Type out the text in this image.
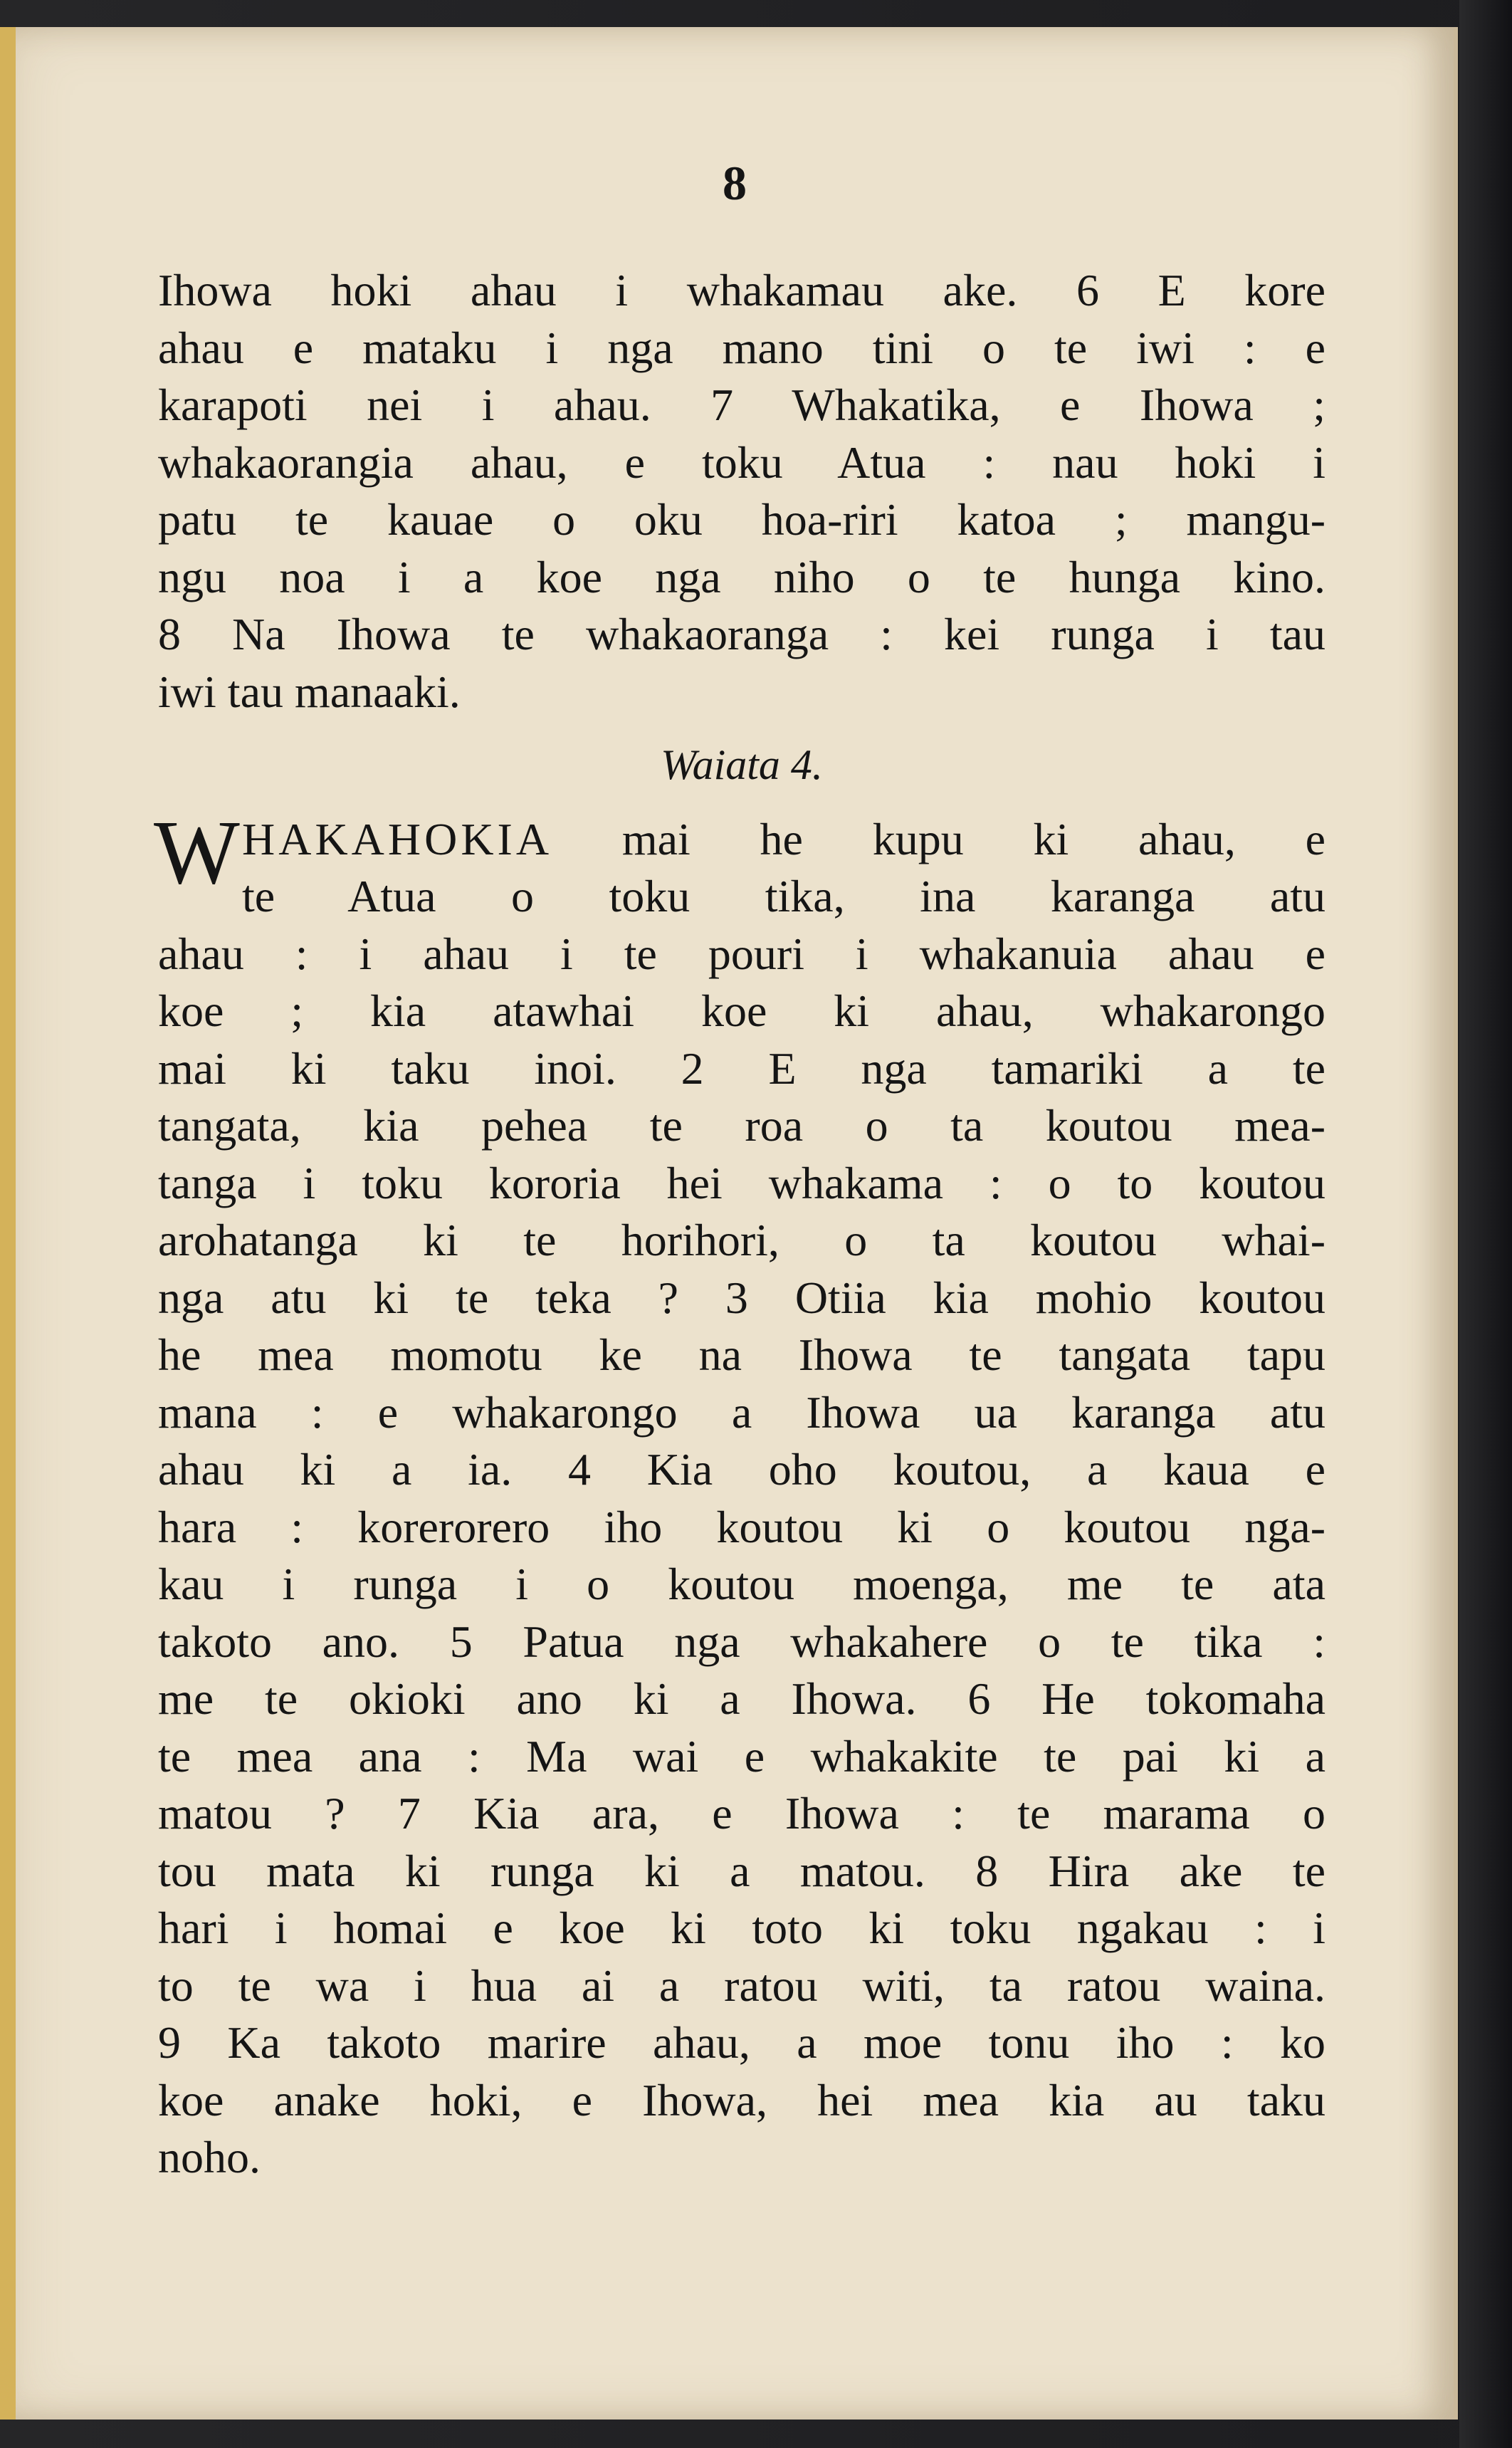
8
Ihowa hoki ahau i whakamau ake. 6 E kore
ahau e mataku i nga mano tini o te iwi : e
karapoti nei i ahau. 7 Whakatika, e Ihowa ;
whakaorangia ahau, e toku Atua : nau hoki i
patu te kauae o oku hoa-riri katoa ; mangu-
ngu noa i a koe nga niho o te hunga kino.
8 Na Ihowa te whakaoranga : kei runga i tau
iwi tau manaaki.
Waiata 4.
W HAKAHOKIA mai he kupu ki ahau, e
te Atua o toku tika, ina karanga atu
ahau : i ahau i te pouri i whakanuia ahau e
koe ; kia atawhai koe ki ahau, whakarongo
mai ki taku inoi. 2 E nga tamariki a te
tangata, kia pehea te roa o ta koutou mea-
tanga i toku kororia hei whakama : o to koutou
arohatanga ki te horihori, o ta koutou whai-
nga atu ki te teka ? 3 Otiia kia mohio koutou
he mea momotu ke na Ihowa te tangata tapu
mana : e whakarongo a Ihowa ua karanga atu
ahau ki a ia. 4 Kia oho koutou, a kaua e
hara : korerorero iho koutou ki o koutou nga-
kau i runga i o koutou moenga, me te ata
takoto ano. 5 Patua nga whakahere o te tika :
me te okioki ano ki a Ihowa. 6 He tokomaha
te mea ana : Ma wai e whakakite te pai ki a
matou ? 7 Kia ara, e Ihowa : te marama o
tou mata ki runga ki a matou. 8 Hira ake te
hari i homai e koe ki toto ki toku ngakau : i
to te wa i hua ai a ratou witi, ta ratou waina.
9 Ka takoto marire ahau, a moe tonu iho : ko
koe anake hoki, e Ihowa, hei mea kia au taku
noho.
